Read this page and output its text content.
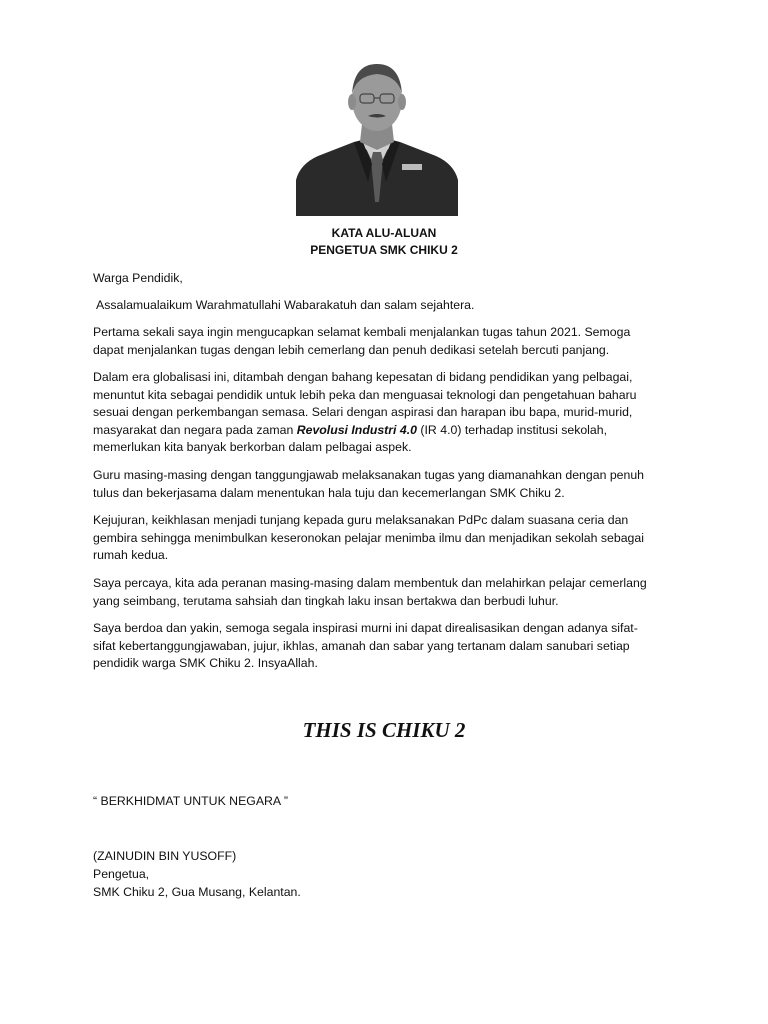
KATA ALU-ALUAN
PENGETUA SMK CHIKU 2
Warga Pendidik,
Assalamualaikum Warahmatullahi Wabarakatuh dan salam sejahtera.
Pertama sekali saya ingin mengucapkan selamat kembali menjalankan tugas tahun 2021. Semoga
dapat menjalankan tugas dengan lebih cemerlang dan penuh dedikasi setelah bercuti panjang.
Dalam era globalisasi ini, ditambah dengan bahang kepesatan di bidang pendidikan yang pelbagai,
menuntut kita sebagai pendidik untuk lebih peka dan menguasai teknologi dan pengetahuan baharu
sesuai dengan perkembangan semasa. Selari dengan aspirasi dan harapan ibu bapa, murid-murid,
masyarakat dan negara pada zaman Revolusi Industri 4.0 (IR 4.0) terhadap institusi sekolah,
memerlukan kita banyak berkorban dalam pelbagai aspek.
Guru masing-masing dengan tanggungjawab melaksanakan tugas yang diamanahkan dengan penuh
tulus dan bekerjasama dalam menentukan hala tuju dan kecemerlangan SMK Chiku 2.
Kejujuran, keikhlasan menjadi tunjang kepada guru melaksanakan PdPc dalam suasana ceria dan
gembira sehingga menimbulkan keseronokan pelajar menimba ilmu dan menjadikan sekolah sebagai
rumah kedua.
Saya percaya, kita ada peranan masing-masing dalam membentuk dan melahirkan pelajar cemerlang
yang seimbang, terutama sahsiah dan tingkah laku insan bertakwa dan berbudi luhur.
Saya berdoa dan yakin, semoga segala inspirasi murni ini dapat direalisasikan dengan adanya sifat-
sifat kebertanggungjawaban, jujur, ikhlas, amanah dan sabar yang tertanam dalam sanubari setiap
pendidik warga SMK Chiku 2. InsyaAllah.
THIS IS CHIKU 2
“ BERKHIDMAT UNTUK NEGARA ”
(ZAINUDIN BIN YUSOFF)
Pengetua,
SMK Chiku 2, Gua Musang, Kelantan.
